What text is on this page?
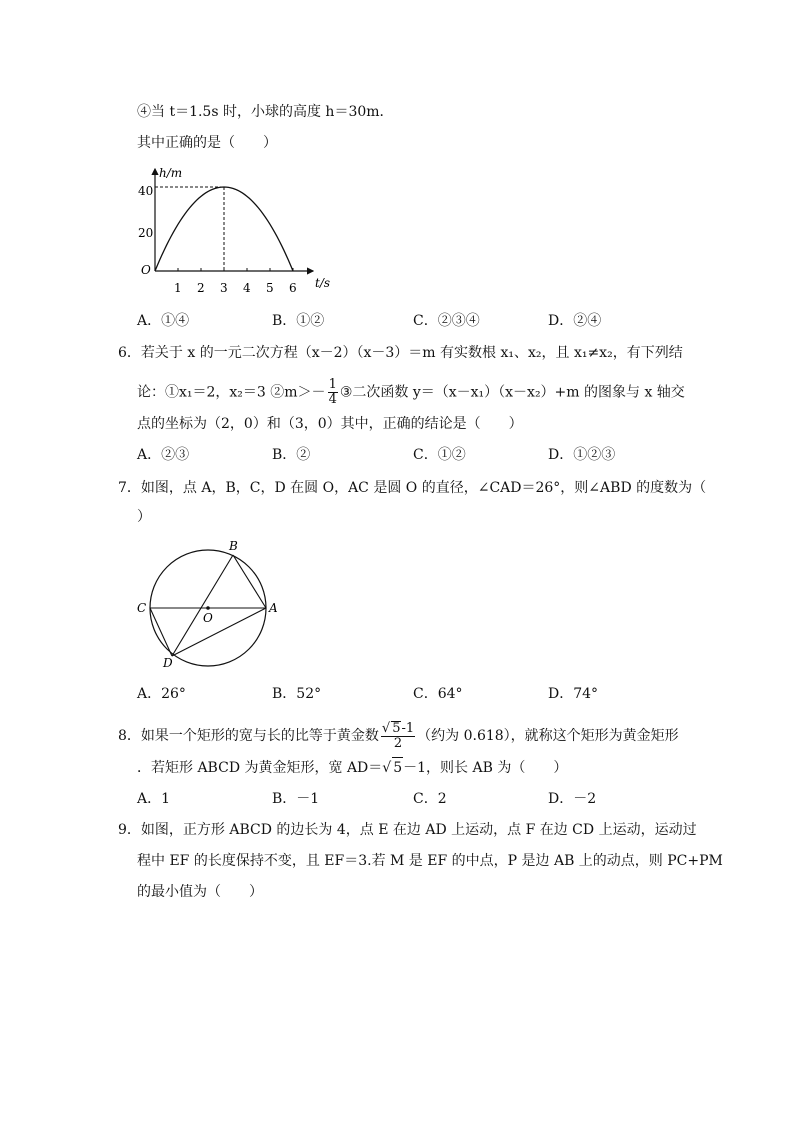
④当 t＝1.5s 时，小球的高度 h＝30m．
其中正确的是（　　）
h/m
t/s
O
40
20
1 2 3 4 5 6
A．①④	B．①②	C．②③④	D．②④
6．若关于 x 的一元二次方程（x－2）（x－3）＝m 有实数根 x₁、x₂，且 x₁≠x₂，有下列结
论：①x₁＝2，x₂＝3 ②m＞－ $\frac{1}{4}$ ③二次函数 y＝（x－x₁）（x－x₂）+m 的图象与 x 轴交
点的坐标为（2，0）和（3，0）其中，正确的结论是（　　）
A．②③	B．②	C．①②	D．①②③
7．如图，点 A，B，C，D 在圆 O，AC 是圆 O 的直径，∠CAD＝26°，则∠ABD 的度数为（
）
B
A
C
O
D
A．26°	B．52°	C．64°	D．74°
8．如果一个矩形的宽与长的比等于黄金数 $\frac{√ 5-1}{2}$ （约为 0.618），就称这个矩形为黄金矩形
．若矩形 ABCD 为黄金矩形，宽 AD＝√ 5－1，则长 AB 为（　　）
A．1	B．－1	C．2	D．－2
9．如图，正方形 ABCD 的边长为 4，点 E 在边 AD 上运动，点 F 在边 CD 上运动，运动过
程中 EF 的长度保持不变，且 EF＝3.若 M 是 EF 的中点，P 是边 AB 上的动点，则 PC+PM
的最小值为（　　）
